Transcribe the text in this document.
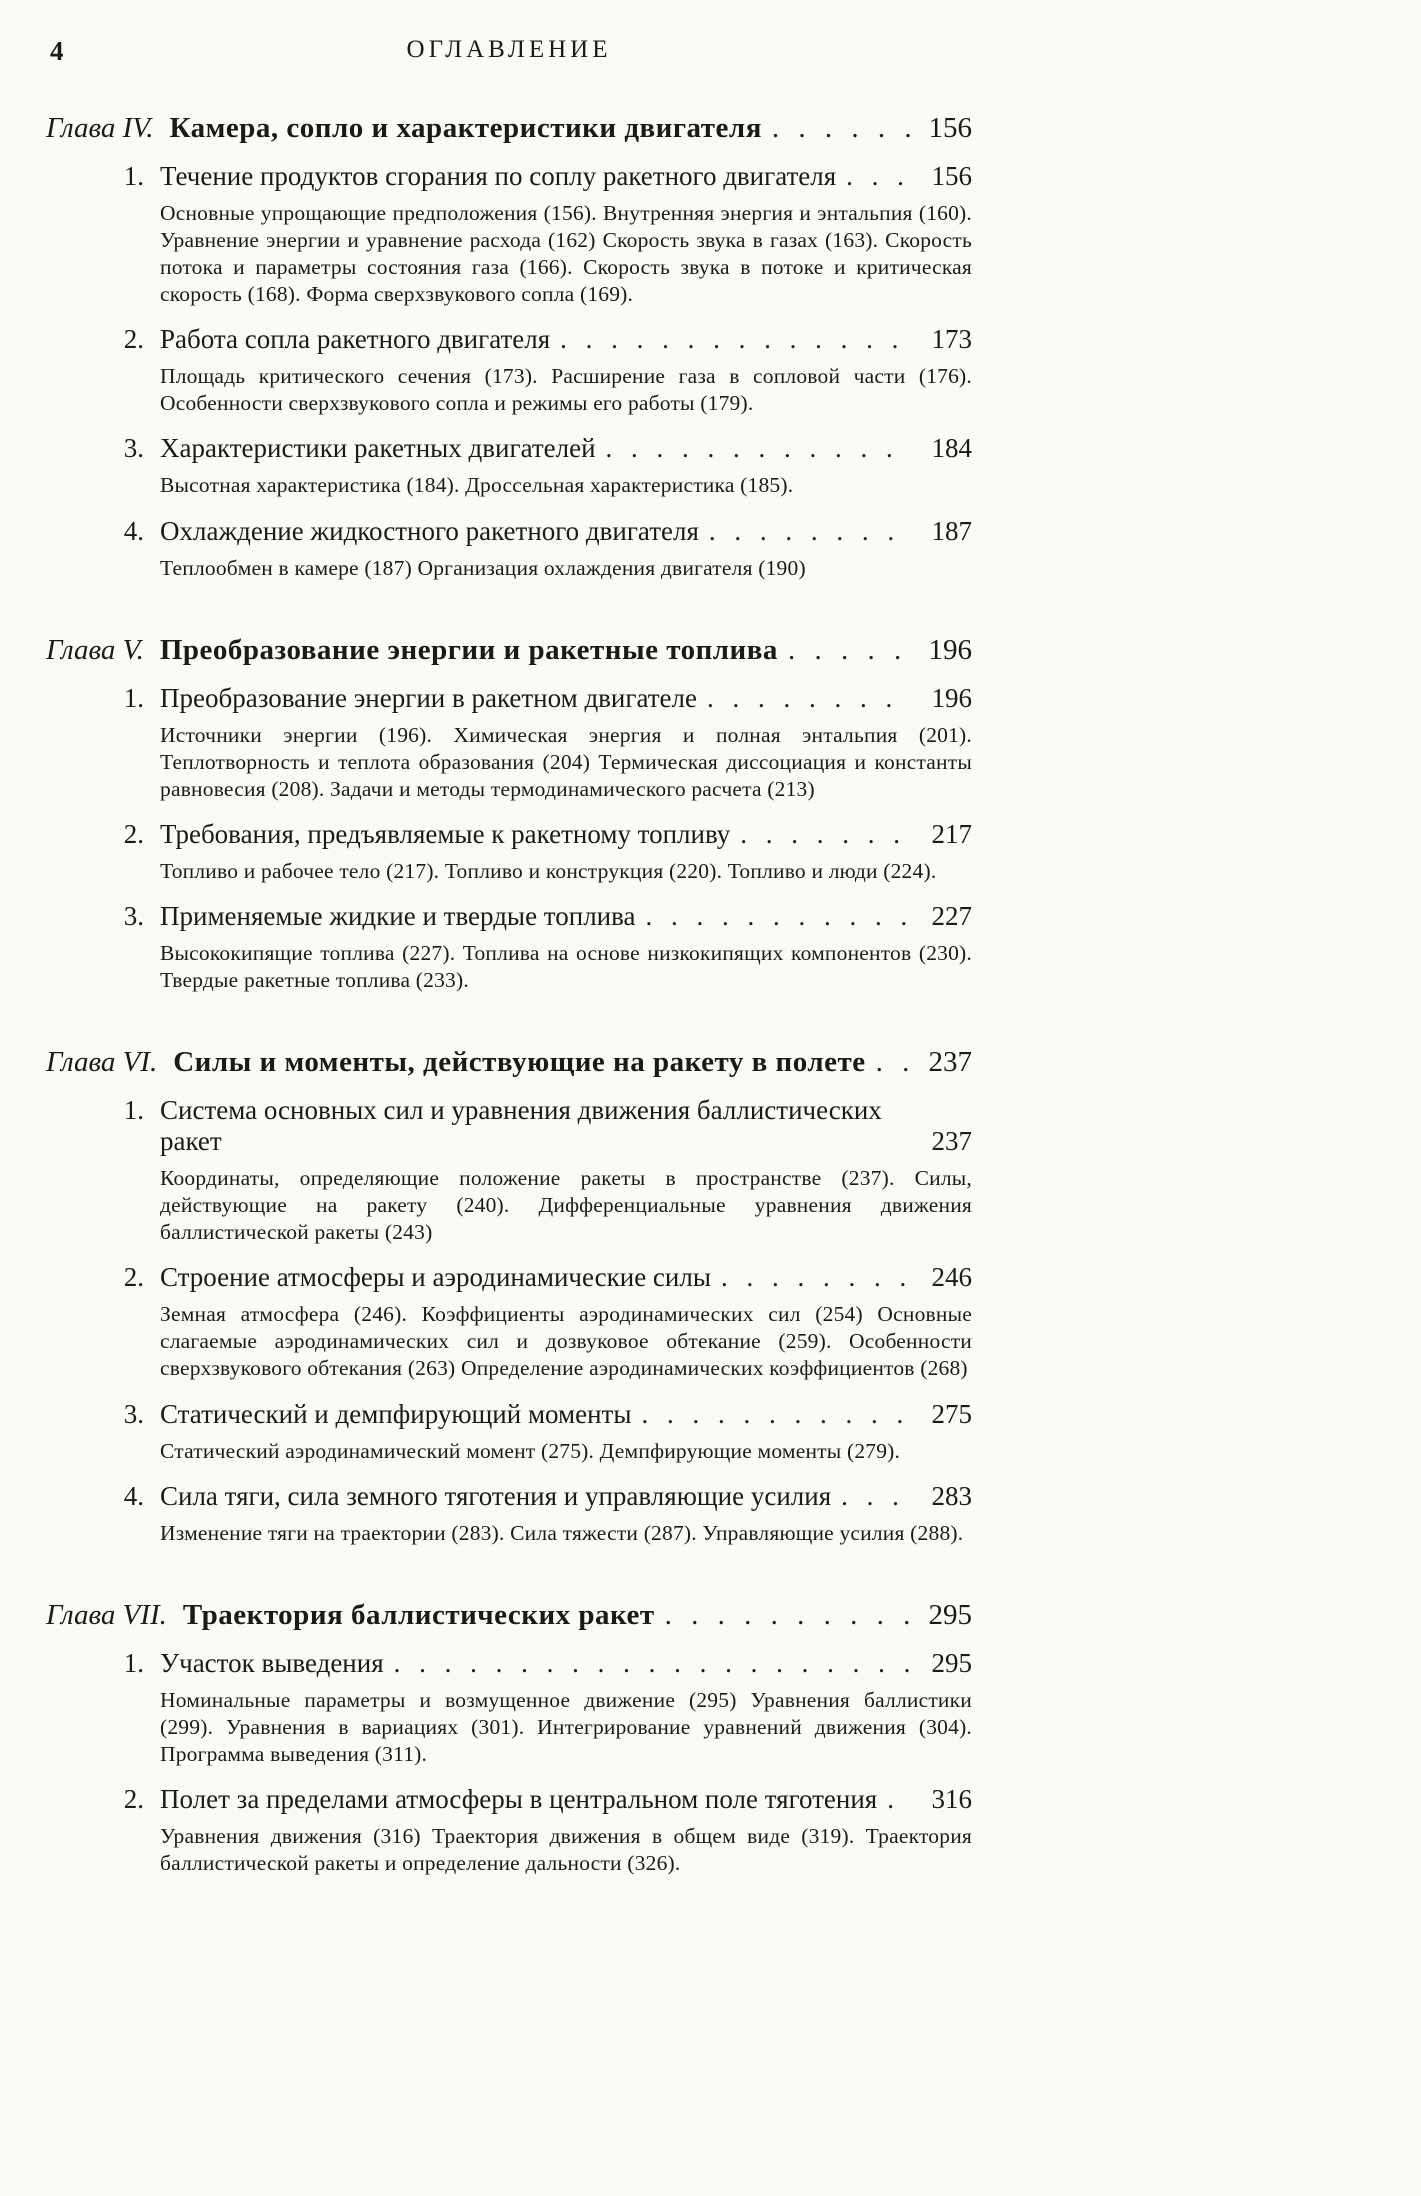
4	ОГЛАВЛЕНИЕ
Глава IV. Камера, сопло и характеристики двигателя . . .	156
1. Течение продуктов сгорания по соплу ракетного двигателя . . .	156

Основные упрощающие предположения (156). Внутренняя энергия и энтальпия (160). Уравнение энергии и уравнение расхода (162) Скорость звука в газах (163). Скорость потока и параметры состояния газа (166). Скорость звука в потоке и критическая скорость (168). Форма сверхзвукового сопла (169).

2. Работа сопла ракетного двигателя . . .	173

Площадь критического сечения (173). Расширение газа в сопловой части (176). Особенности сверхзвукового сопла и режимы его работы (179).

3. Характеристики ракетных двигателей . . .	184

Высотная характеристика (184). Дроссельная характеристика (185).

4. Охлаждение жидкостного ракетного двигателя . . .	187

Теплообмен в камере (187) Организация охлаждения двигателя (190)

Глава V. Преобразование энергии и ракетные топлива . . .	196
1. Преобразование энергии в ракетном двигателе . . .	196

Источники энергии (196). Химическая энергия и полная энтальпия (201). Теплотворность и теплота образования (204) Термическая диссоциация и константы равновесия (208). Задачи и методы термодинамического расчета (213)

2. Требования, предъявляемые к ракетному топливу . . .	217

Топливо и рабочее тело (217). Топливо и конструкция (220). Топливо и люди (224).

3. Применяемые жидкие и твердые топлива . . .	227

Высококипящие топлива (227). Топлива на основе низкокипящих компонентов (230). Твердые ракетные топлива (233).

Глава VI. Силы и моменты, действующие на ракету в полете . . .	237
1. Система основных сил и уравнения движения баллистических ракет . . .	237

Координаты, определяющие положение ракеты в пространстве (237). Силы, действующие на ракету (240). Дифференциальные уравнения движения баллистической ракеты (243)

2. Строение атмосферы и аэродинамические силы . . .	246

Земная атмосфера (246). Коэффициенты аэродинамических сил (254) Основные слагаемые аэродинамических сил и дозвуковое обтекание (259). Особенности сверхзвукового обтекания (263) Определение аэродинамических коэффициентов (268)

3. Статический и демпфирующий моменты . . .	275

Статический аэродинамический момент (275). Демпфирующие моменты (279).

4. Сила тяги, сила земного тяготения и управляющие усилия . . .	283

Изменение тяги на траектории (283). Сила тяжести (287). Управляющие усилия (288).

Глава VII. Траектория баллистических ракет . . .	295
1. Участок выведения . . .	295

Номинальные параметры и возмущенное движение (295) Уравнения баллистики (299). Уравнения в вариациях (301). Интегрирование уравнений движения (304). Программа выведения (311).

2. Полет за пределами атмосферы в центральном поле тяготения . . .	316

Уравнения движения (316) Траектория движения в общем виде (319). Траектория баллистической ракеты и определение дальности (326).
